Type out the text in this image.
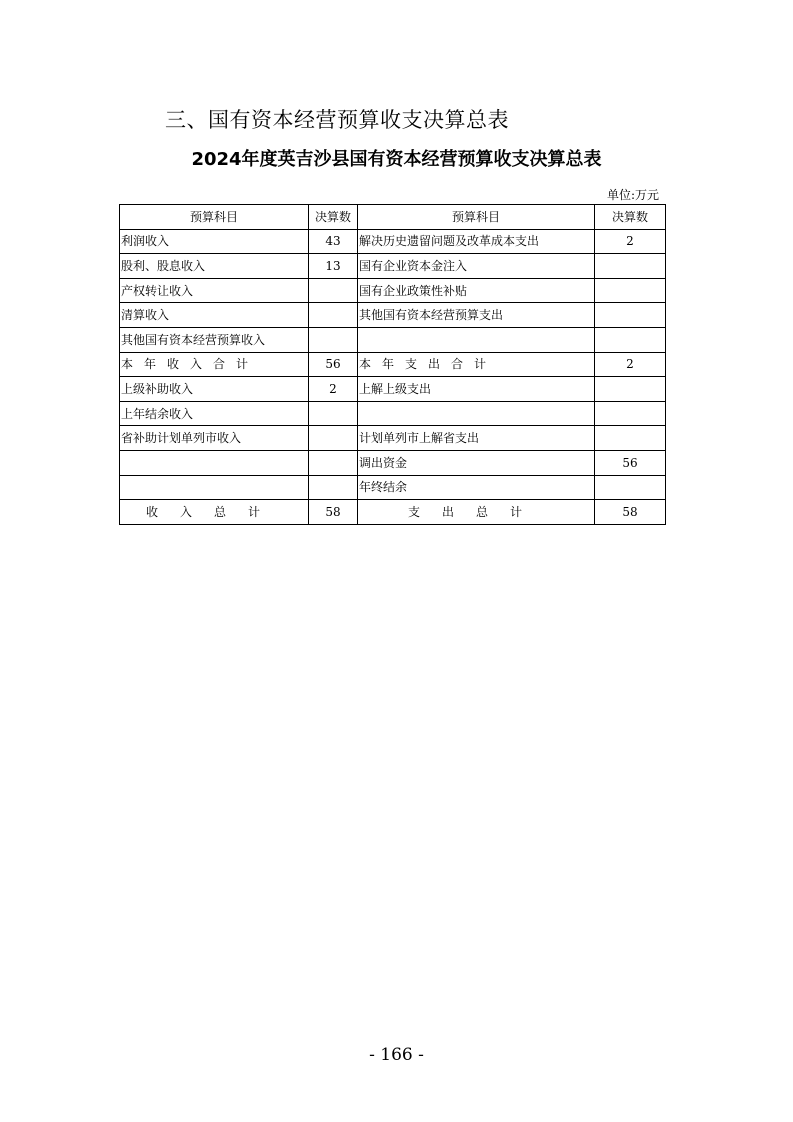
三、国有资本经营预算收支决算总表
2024年度英吉沙县国有资本经营预算收支决算总表
单位:万元
预算科目	决算数	预算科目	决算数
利润收入	43	解决历史遗留问题及改革成本支出	2
股利、股息收入	13	国有企业资本金注入	
产权转让收入		国有企业政策性补贴	
清算收入		其他国有资本经营预算支出	
其他国有资本经营预算收入			
本年收入合计	56	本年支出合计	2
上级补助收入	2	上解上级支出	
上年结余收入			
省补助计划单列市收入		计划单列市上解省支出	
		调出资金	56
		年终结余	
收入总计	58	支出总计	58
- 166 -
